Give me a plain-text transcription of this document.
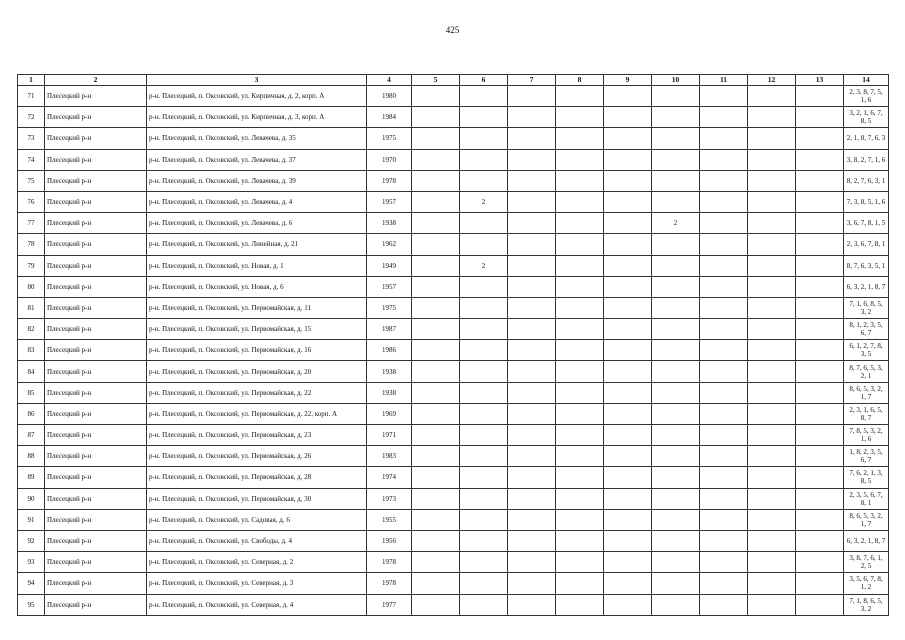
425
1	2	3	4	5	6	7	8	9	10	11	12	13	14
71	Плесецкий р-н	р-н. Плесецкий, п. Оксовский, ул. Кирпичная, д. 2, корп. А	1980										2, 3, 8, 7, 5, 1, 6
72	Плесецкий р-н	р-н. Плесецкий, п. Оксовский, ул. Кирпичная, д. 3, корп. А	1984										3, 2, 1, 6, 7, 8, 5
73	Плесецкий р-н	р-н. Плесецкий, п. Оксовский, ул. Левачева, д. 35	1975										2, 1, 8, 7, 6, 3
74	Плесецкий р-н	р-н. Плесецкий, п. Оксовский, ул. Левачева, д. 37	1970										3, 8, 2, 7, 1, 6
75	Плесецкий р-н	р-н. Плесецкий, п. Оксовский, ул. Левачева, д. 39	1978										8, 2, 7, 6, 3, 1
76	Плесецкий р-н	р-н. Плесецкий, п. Оксовский, ул. Левачева, д. 4	1957		2								7, 3, 8, 5, 1, 6
77	Плесецкий р-н	р-н. Плесецкий, п. Оксовский, ул. Левачева, д. 6	1938						2				3, 6, 7, 8, 1, 5
78	Плесецкий р-н	р-н. Плесецкий, п. Оксовский, ул. Линейная, д. 21	1962										2, 3, 6, 7, 8, 1
79	Плесецкий р-н	р-н. Плесецкий, п. Оксовский, ул. Новая, д. 1	1949		2								8, 7, 6, 3, 5, 1
80	Плесецкий р-н	р-н. Плесецкий, п. Оксовский, ул. Новая, д. 6	1957										6, 3, 2, 1, 8, 7
81	Плесецкий р-н	р-н. Плесецкий, п. Оксовский, ул. Первомайская, д. 11	1975										7, 1, 6, 8, 5, 3, 2
82	Плесецкий р-н	р-н. Плесецкий, п. Оксовский, ул. Первомайская, д. 15	1987										8, 1, 2, 3, 5, 6, 7
83	Плесецкий р-н	р-н. Плесецкий, п. Оксовский, ул. Первомайская, д. 16	1986										6, 1, 2, 7, 8, 3, 5
84	Плесецкий р-н	р-н. Плесецкий, п. Оксовский, ул. Первомайская, д. 20	1938										8, 7, 6, 5, 3, 2, 1
85	Плесецкий р-н	р-н. Плесецкий, п. Оксовский, ул. Первомайская, д. 22	1938										8, 6, 5, 3, 2, 1, 7
86	Плесецкий р-н	р-н. Плесецкий, п. Оксовский, ул. Первомайская, д. 22, корп. А	1969										2, 3, 1, 6, 5, 8, 7
87	Плесецкий р-н	р-н. Плесецкий, п. Оксовский, ул. Первомайская, д. 23	1971										7, 8, 5, 3, 2, 1, 6
88	Плесецкий р-н	р-н. Плесецкий, п. Оксовский, ул. Первомайская, д. 26	1983										1, 8, 2, 3, 5, 6, 7
89	Плесецкий р-н	р-н. Плесецкий, п. Оксовский, ул. Первомайская, д. 28	1974										7, 6, 2, 1, 3, 8, 5
90	Плесецкий р-н	р-н. Плесецкий, п. Оксовский, ул. Первомайская, д. 30	1973										2, 3, 5, 6, 7, 8, 1
91	Плесецкий р-н	р-н. Плесецкий, п. Оксовский, ул. Садовая, д. 6	1955										8, 6, 5, 3, 2, 1, 7
92	Плесецкий р-н	р-н. Плесецкий, п. Оксовский, ул. Свободы, д. 4	1956										6, 3, 2, 1, 8, 7
93	Плесецкий р-н	р-н. Плесецкий, п. Оксовский, ул. Северная, д. 2	1978										3, 8, 7, 6, 1, 2, 5
94	Плесецкий р-н	р-н. Плесецкий, п. Оксовский, ул. Северная, д. 3	1978										3, 5, 6, 7, 8, 1, 2
95	Плесецкий р-н	р-н. Плесецкий, п. Оксовский, ул. Северная, д. 4	1977										7, 1, 8, 6, 5, 3, 2
